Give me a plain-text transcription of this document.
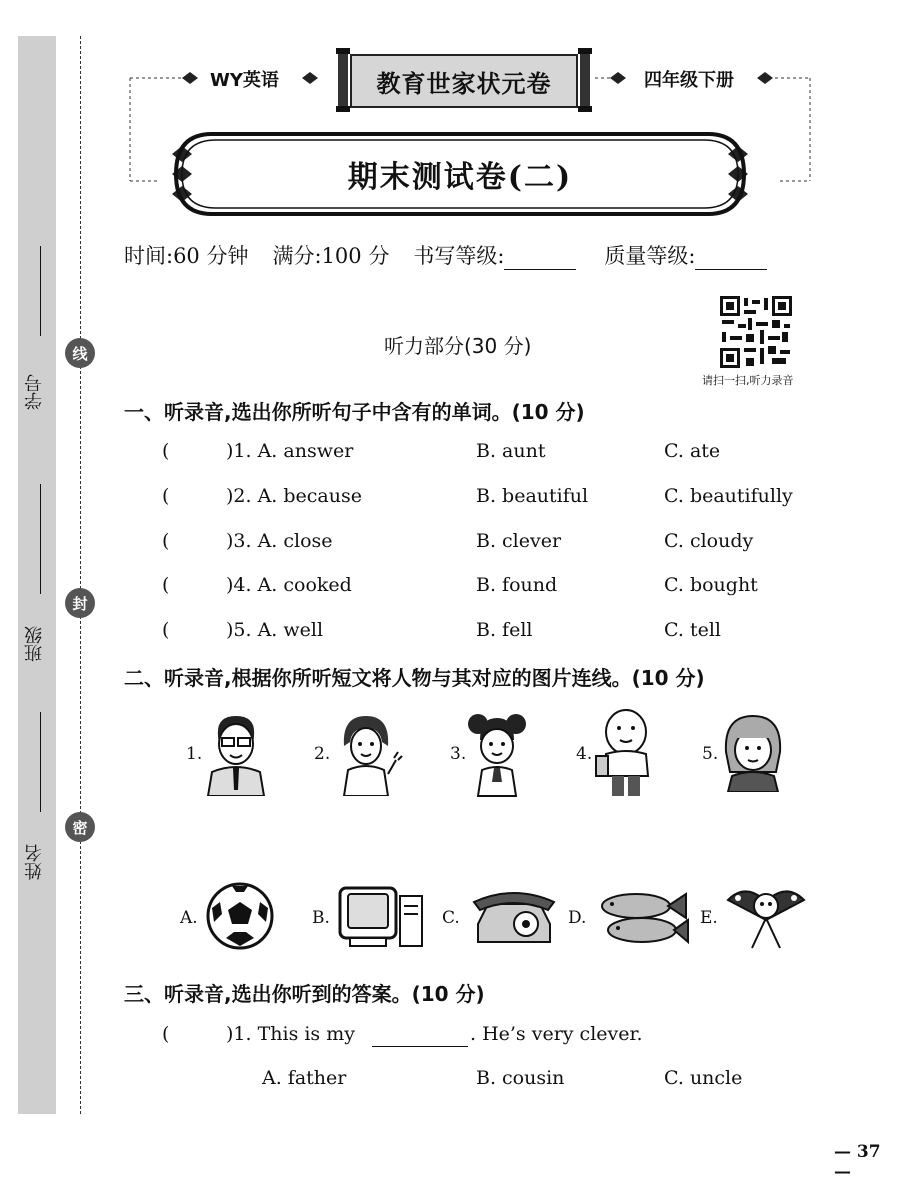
学号
班级
姓名
线
封
密
WY英语	四年级下册
教育世家状元卷
期末测试卷(二)
时间:60 分钟 满分:100 分 书写等级:	质量等级:
听力部分(30 分)
请扫一扫,听力录音
一、听录音,选出你所听句子中含有的单词。(10 分)
(	)1. A. answer	B. aunt	C. ate
(	)2. A. because	B. beautiful	C. beautifully
(	)3. A. close	B. clever	C. cloudy
(	)4. A. cooked	B. found	C. bought
(	)5. A. well	B. fell	C. tell
二、听录音,根据你所听短文将人物与其对应的图片连线。(10 分)
1.	2.	3.	4.	5.
A.	B.	C.	D.	E.
三、听录音,选出你听到的答案。(10 分)
(	)1. This is my	. He’s very clever.
A. father	B. cousin	C. uncle
— 37 —
